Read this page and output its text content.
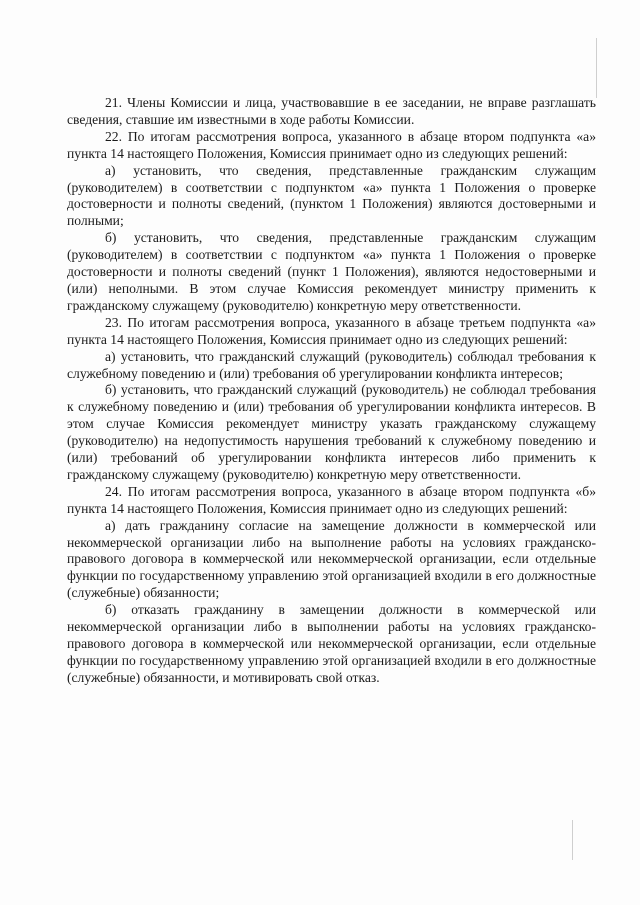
21. Члены Комиссии и лица, участвовавшие в ее заседании, не вправе разглашать сведения, ставшие им известными в ходе работы Комиссии.

22. По итогам рассмотрения вопроса, указанного в абзаце втором подпункта «а» пункта 14 настоящего Положения, Комиссия принимает одно из следующих решений:

а) установить, что сведения, представленные гражданским служащим (руководителем) в соответствии с подпунктом «а» пункта 1 Положения о проверке достоверности и полноты сведений, (пунктом 1 Положения) являются достоверными и полными;

б) установить, что сведения, представленные гражданским служащим (руководителем) в соответствии с подпунктом «а» пункта 1 Положения о проверке достоверности и полноты сведений (пункт 1 Положения), являются недостоверными и (или) неполными. В этом случае Комиссия рекомендует министру применить к гражданскому служащему (руководителю) конкретную меру ответственности.

23. По итогам рассмотрения вопроса, указанного в абзаце третьем подпункта «а» пункта 14 настоящего Положения, Комиссия принимает одно из следующих решений:

а) установить, что гражданский служащий (руководитель) соблюдал требования к служебному поведению и (или) требования об урегулировании конфликта интересов;

б) установить, что гражданский служащий (руководитель) не соблюдал требования к служебному поведению и (или) требования об урегулировании конфликта интересов. В этом случае Комиссия рекомендует министру указать гражданскому служащему (руководителю) на недопустимость нарушения требований к служебному поведению и (или) требований об урегулировании конфликта интересов либо применить к гражданскому служащему (руководителю) конкретную меру ответственности.

24. По итогам рассмотрения вопроса, указанного в абзаце втором подпункта «б» пункта 14 настоящего Положения, Комиссия принимает одно из следующих решений:

а) дать гражданину согласие на замещение должности в коммерческой или некоммерческой организации либо на выполнение работы на условиях гражданско-правового договора в коммерческой или некоммерческой организации, если отдельные функции по государственному управлению этой организацией входили в его должностные (служебные) обязанности;

б) отказать гражданину в замещении должности в коммерческой или некоммерческой организации либо в выполнении работы на условиях гражданско-правового договора в коммерческой или некоммерческой организации, если отдельные функции по государственному управлению этой организацией входили в его должностные (служебные) обязанности, и мотивировать свой отказ.
